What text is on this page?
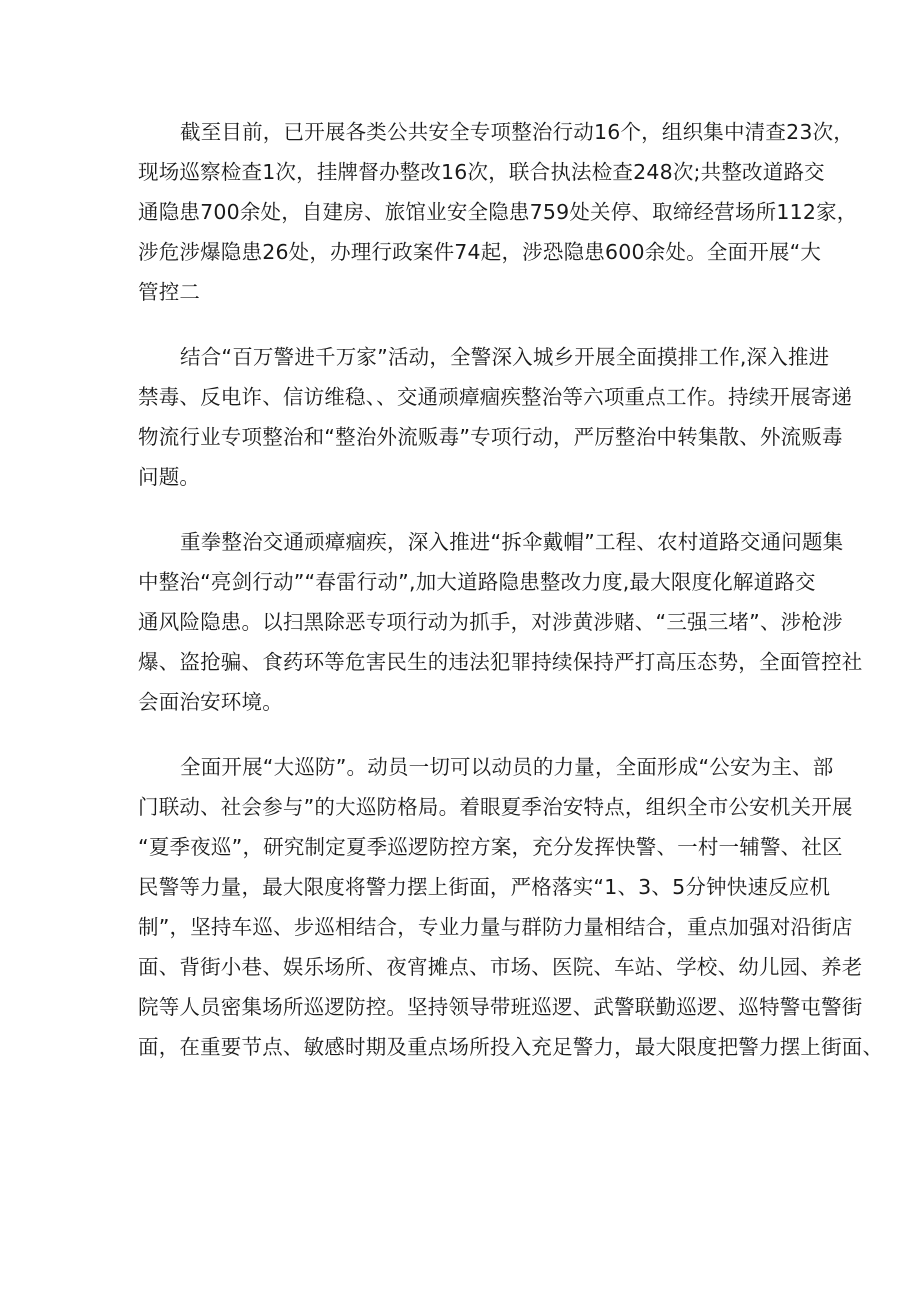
截至目前，已开展各类公共安全专项整治行动16个，组织集中清查23次，
现场巡察检查1次，挂牌督办整改16次，联合执法检查248次;共整改道路交
通隐患700余处，自建房、旅馆业安全隐患759处关停、取缔经营场所112家，
涉危涉爆隐患26处，办理行政案件74起，涉恐隐患600余处。全面开展“大
管控二
结合“百万警进千万家”活动，全警深入城乡开展全面摸排工作,深入推进
禁毒、反电诈、信访维稳、、交通顽瘴痼疾整治等六项重点工作。持续开展寄递
物流行业专项整治和“整治外流贩毒”专项行动，严厉整治中转集散、外流贩毒
问题。
重拳整治交通顽瘴痼疾，深入推进“拆伞戴帽”工程、农村道路交通问题集
中整治“亮剑行动”“春雷行动”,加大道路隐患整改力度,最大限度化解道路交
通风险隐患。以扫黑除恶专项行动为抓手，对涉黄涉赌、“三强三堵”、涉枪涉
爆、盗抢骗、食药环等危害民生的违法犯罪持续保持严打高压态势，全面管控社
会面治安环境。
全面开展“大巡防”。动员一切可以动员的力量，全面形成“公安为主、部
门联动、社会参与”的大巡防格局。着眼夏季治安特点，组织全市公安机关开展
“夏季夜巡”，研究制定夏季巡逻防控方案，充分发挥快警、一村一辅警、社区
民警等力量，最大限度将警力摆上街面，严格落实“1、3、5分钟快速反应机
制”，坚持车巡、步巡相结合，专业力量与群防力量相结合，重点加强对沿街店
面、背街小巷、娱乐场所、夜宵摊点、市场、医院、车站、学校、幼儿园、养老
院等人员密集场所巡逻防控。坚持领导带班巡逻、武警联勤巡逻、巡特警屯警街
面，在重要节点、敏感时期及重点场所投入充足警力，最大限度把警力摆上街面、
